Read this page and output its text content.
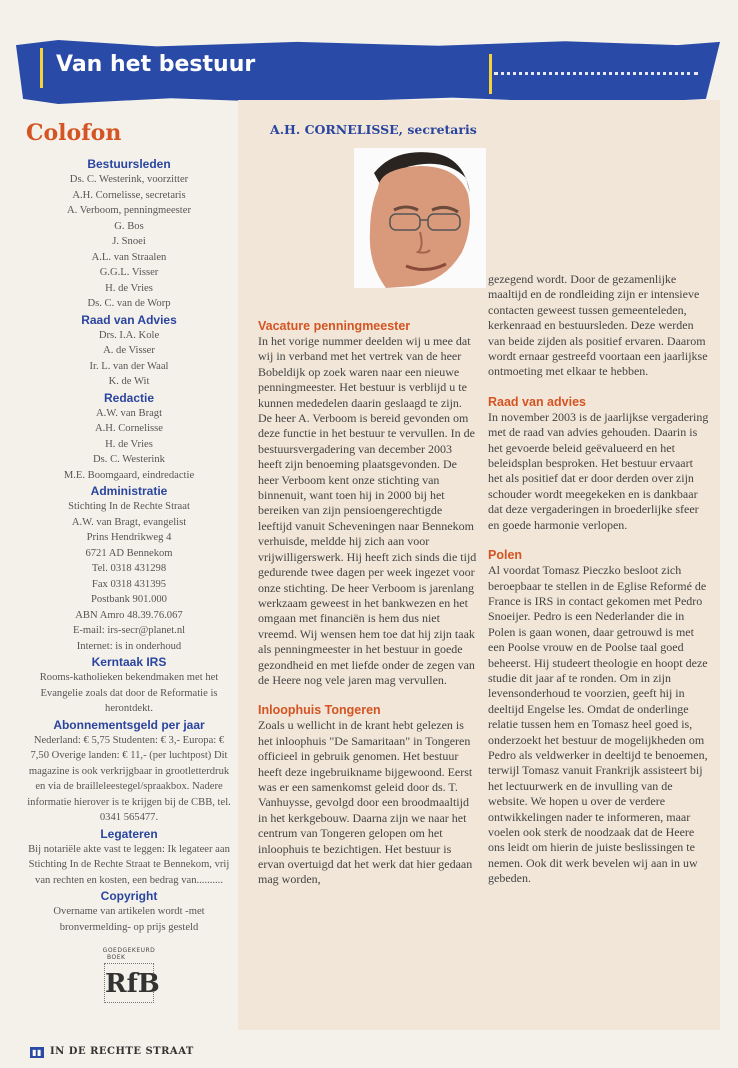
Van het bestuur
Colofon
Bestuursleden
Ds. C. Westerink, voorzitter
A.H. Cornelisse, secretaris
A. Verboom, penningmeester
G. Bos
J. Snoei
A.L. van Straalen
G.G.L. Visser
H. de Vries
Ds. C. van de Worp
Raad van Advies
Drs. I.A. Kole
A. de Visser
Ir. L. van der Waal
K. de Wit
Redactie
A.W. van Bragt
A.H. Cornelisse
H. de Vries
Ds. C. Westerink
M.E. Boomgaard, eindredactie
Administratie
Stichting In de Rechte Straat
A.W. van Bragt, evangelist
Prins Hendrikweg 4
6721 AD Bennekom
Tel. 0318 431298
Fax 0318 431395
Postbank 901.000
ABN Amro 48.39.76.067
E-mail: irs-secr@planet.nl
Internet: is in onderhoud
Kerntaak IRS
Rooms-katholieken bekendmaken met het Evangelie zoals dat door de Reformatie is herontdekt.
Abonnementsgeld per jaar
Nederland: € 5,75 Studenten: € 3,- Europa: € 7,50 Overige landen: € 11,- (per luchtpost) Dit magazine is ook verkrijgbaar in grootletterdruk en via de brailleleestegel/spraakbox. Nadere informatie hierover is te krijgen bij de CBB, tel. 0341 565477.
Legateren
Bij notariële akte vast te leggen: Ik legateer aan Stichting In de Rechte Straat te Bennekom, vrij van rechten en kosten, een bedrag van..........
Copyright
Overname van artikelen wordt -met bronvermelding- op prijs gesteld
GOEDGEKEURD
BOEK
RfB
A.H. CORNELISSE, secretaris
Vacature penningmeester
In het vorige nummer deelden wij u mee dat wij in verband met het vertrek van de heer Bobeldijk op zoek waren naar een nieuwe penningmeester. Het bestuur is verblijd u te kunnen mededelen daarin geslaagd te zijn. De heer A. Verboom is bereid gevonden om deze functie in het bestuur te vervullen. In de bestuursvergadering van december 2003 heeft zijn benoeming plaatsgevonden. De heer Verboom kent onze stichting van binnenuit, want toen hij in 2000 bij het bereiken van zijn pensioengerechtigde leeftijd vanuit Scheveningen naar Bennekom verhuisde, meldde hij zich aan voor vrijwilligerswerk. Hij heeft zich sinds die tijd gedurende twee dagen per week ingezet voor onze stichting. De heer Verboom is jarenlang werkzaam geweest in het bankwezen en het omgaan met financiën is hem dus niet vreemd. Wij wensen hem toe dat hij zijn taak als penningmeester in het bestuur in goede gezondheid en met liefde onder de zegen van de Heere nog vele jaren mag vervullen.
Inloophuis Tongeren
Zoals u wellicht in de krant hebt gelezen is het inloophuis "De Samaritaan" in Tongeren officieel in gebruik genomen. Het bestuur heeft deze ingebruikname bijgewoond. Eerst was er een samenkomst geleid door ds. T. Vanhuysse, gevolgd door een broodmaaltijd in het kerkgebouw. Daarna zijn we naar het centrum van Tongeren gelopen om het inloophuis te bezichtigen. Het bestuur is ervan overtuigd dat het werk dat hier gedaan mag worden,
gezegend wordt. Door de gezamenlijke maaltijd en de rondleiding zijn er intensieve contacten geweest tussen gemeenteleden, kerkenraad en bestuursleden. Deze werden van beide zijden als positief ervaren. Daarom wordt ernaar gestreefd voortaan een jaarlijkse ontmoeting met elkaar te hebben.
Raad van advies
In november 2003 is de jaarlijkse vergadering met de raad van advies gehouden. Daarin is het gevoerde beleid geëvalueerd en het beleidsplan besproken. Het bestuur ervaart het als positief dat er door derden over zijn schouder wordt meegekeken en is dankbaar dat deze vergaderingen in broederlijke sfeer en goede harmonie verlopen.
Polen
Al voordat Tomasz Pieczko besloot zich beroepbaar te stellen in de Eglise Reformé de France is IRS in contact gekomen met Pedro Snoeijer. Pedro is een Nederlander die in Polen is gaan wonen, daar getrouwd is met een Poolse vrouw en de Poolse taal goed beheerst. Hij studeert theologie en hoopt deze studie dit jaar af te ronden. Om in zijn levensonderhoud te voorzien, geeft hij in deeltijd Engelse les. Omdat de onderlinge relatie tussen hem en Tomasz heel goed is, onderzoekt het bestuur de mogelijkheden om Pedro als veldwerker in deeltijd te benoemen, terwijl Tomasz vanuit Frankrijk assisteert bij het lectuurwerk en de invulling van de website. We hopen u over de verdere ontwikkelingen nader te informeren, maar voelen ook sterk de noodzaak dat de Heere ons leidt om hierin de juiste beslissingen te nemen. Ook dit werk bevelen wij aan in uw gebeden.
▮▮ IN DE RECHTE STRAAT
